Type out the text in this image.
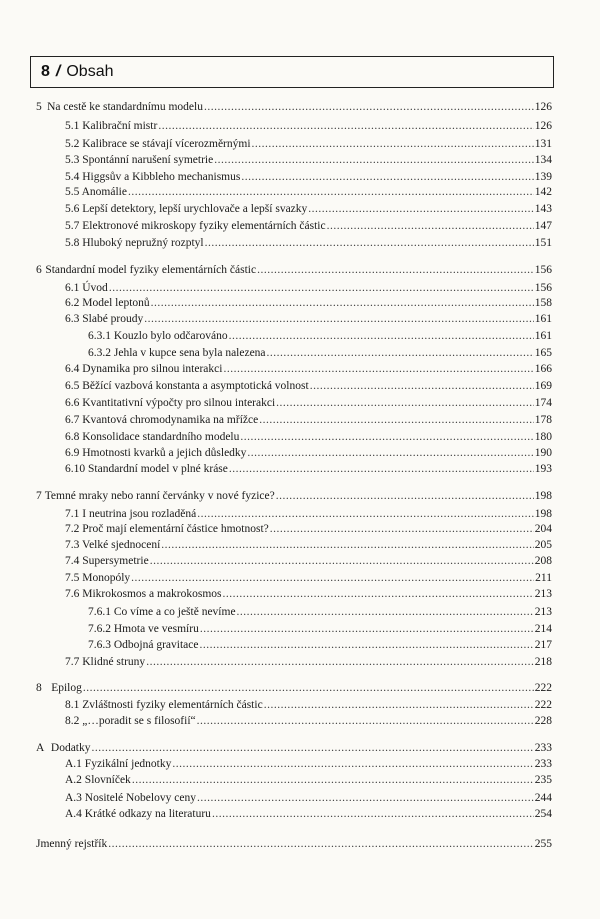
8 / Obsah
5 Na cestě ke standardnímu modelu .....	126
5.1 Kalibrační mistr .....	126
5.2 Kalibrace se stávají vícerozměrnými .....	131
5.3 Spontánní narušení symetrie .....	134
5.4 Higgsův a Kibbleho mechanismus .....	139
5.5 Anomálie .....	142
5.6 Lepší detektory, lepší urychlovače a lepší svazky .....	143
5.7 Elektronové mikroskopy fyziky elementárních částic .....	147
5.8 Hluboký nepružný rozptyl .....	151
6 Standardní model fyziky elementárních částic .....	156
6.1 Úvod .....	156
6.2 Model leptonů .....	158
6.3 Slabé proudy .....	161
6.3.1 Kouzlo bylo odčarováno .....	161
6.3.2 Jehla v kupce sena byla nalezena .....	165
6.4 Dynamika pro silnou interakci .....	166
6.5 Běžící vazbová konstanta a asymptotická volnost .....	169
6.6 Kvantitativní výpočty pro silnou interakci .....	174
6.7 Kvantová chromodynamika na mřížce .....	178
6.8 Konsolidace standardního modelu .....	180
6.9 Hmotnosti kvarků a jejich důsledky .....	190
6.10 Standardní model v plné kráse .....	193
7 Temné mraky nebo ranní červánky v nové fyzice? .....	198
7.1 I neutrina jsou rozladěná .....	198
7.2 Proč mají elementární částice hmotnost? .....	204
7.3 Velké sjednocení .....	205
7.4 Supersymetrie .....	208
7.5 Monopóly .....	211
7.6 Mikrokosmos a makrokosmos .....	213
7.6.1 Co víme a co ještě nevíme .....	213
7.6.2 Hmota ve vesmíru .....	214
7.6.3 Odbojná gravitace .....	217
7.7 Klidné struny .....	218
8 Epilog .....	222
8.1 Zvláštnosti fyziky elementárních částic .....	222
8.2 „…poradit se s filosofií“ .....	228
A Dodatky .....	233
A.1 Fyzikální jednotky .....	233
A.2 Slovníček .....	235
A.3 Nositelé Nobelovy ceny .....	244
A.4 Krátké odkazy na literaturu .....	254
Jmenný rejstřík .....	255
